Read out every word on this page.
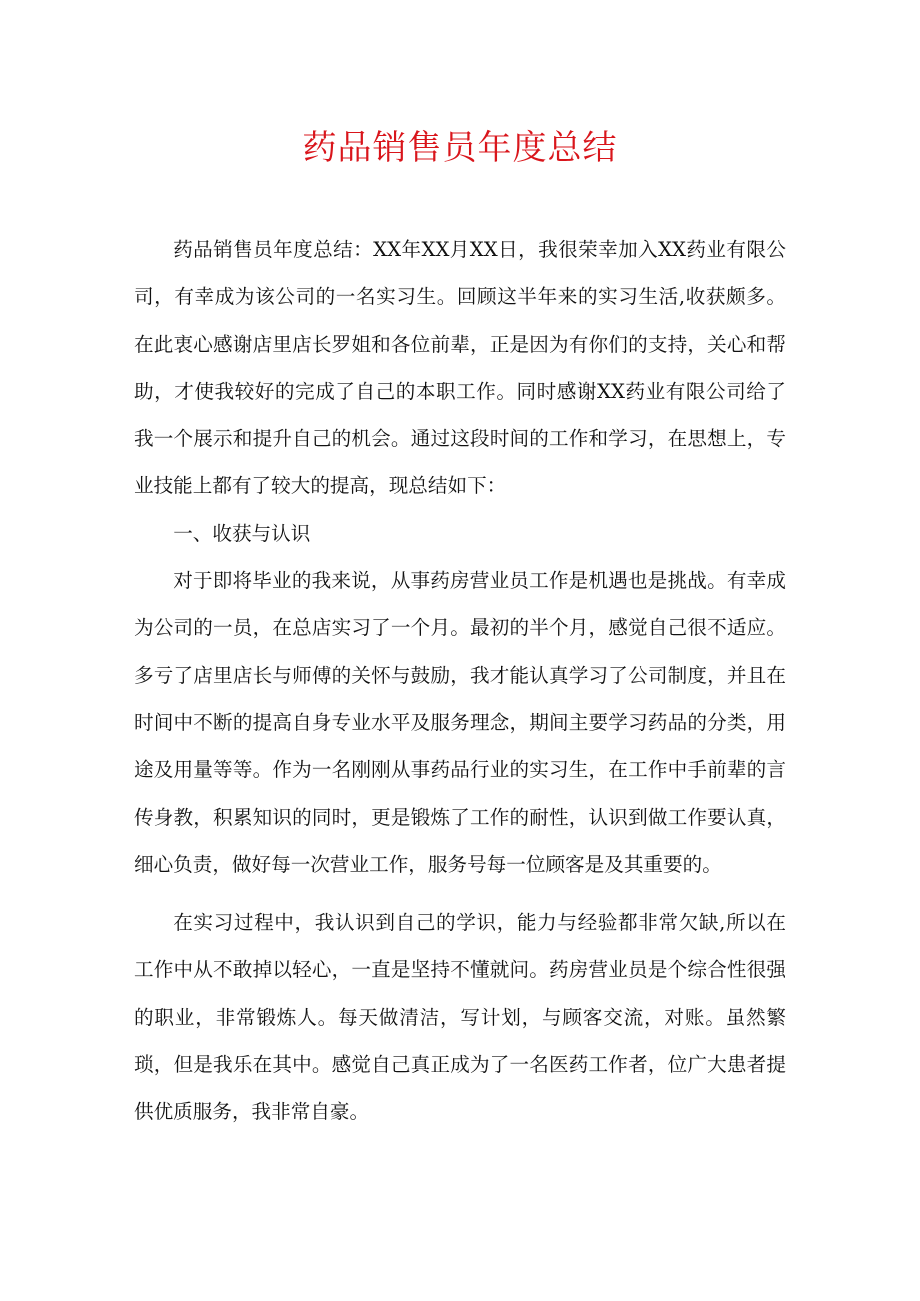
药品销售员年度总结

药品销售员年度总结：XX年XX月XX日，我很荣幸加入XX药业有限公司，有幸成为该公司的一名实习生。回顾这半年来的实习生活,收获颇多。在此衷心感谢店里店长罗姐和各位前辈，正是因为有你们的支持，关心和帮助，才使我较好的完成了自己的本职工作。同时感谢XX药业有限公司给了我一个展示和提升自己的机会。通过这段时间的工作和学习，在思想上，专业技能上都有了较大的提高，现总结如下：

一、收获与认识

对于即将毕业的我来说，从事药房营业员工作是机遇也是挑战。有幸成为公司的一员，在总店实习了一个月。最初的半个月，感觉自己很不适应。多亏了店里店长与师傅的关怀与鼓励，我才能认真学习了公司制度，并且在时间中不断的提高自身专业水平及服务理念，期间主要学习药品的分类，用途及用量等等。作为一名刚刚从事药品行业的实习生，在工作中手前辈的言传身教，积累知识的同时，更是锻炼了工作的耐性，认识到做工作要认真，细心负责，做好每一次营业工作，服务号每一位顾客是及其重要的。

在实习过程中，我认识到自己的学识，能力与经验都非常欠缺,所以在工作中从不敢掉以轻心，一直是坚持不懂就问。药房营业员是个综合性很强的职业，非常锻炼人。每天做清洁，写计划，与顾客交流，对账。虽然繁琐，但是我乐在其中。感觉自己真正成为了一名医药工作者，位广大患者提供优质服务，我非常自豪。
